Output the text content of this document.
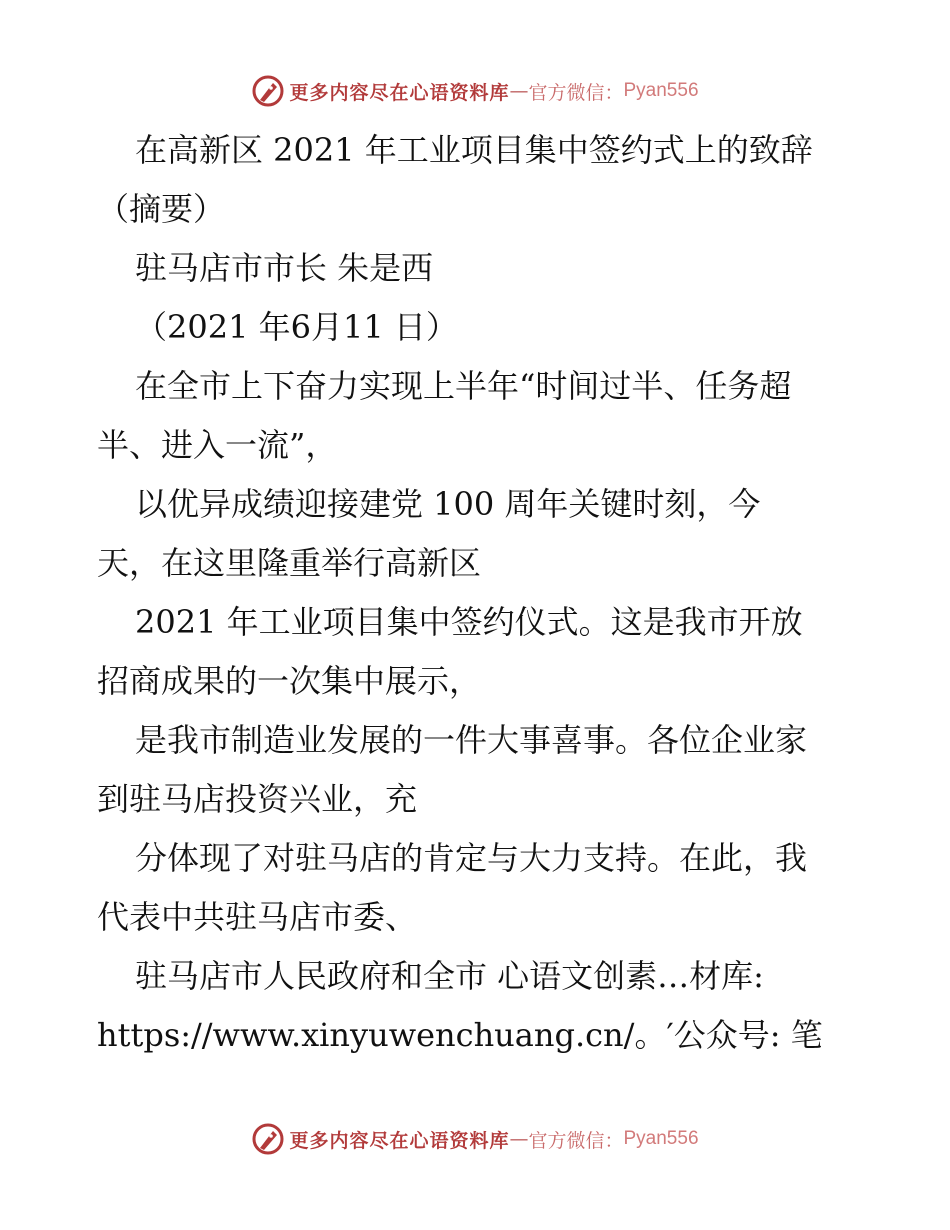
更多内容尽在心语资料库 — 官方微信： Pyan556
在高新区 2021 年工业项目集中签约式上的致辞
（摘要）
驻马店市市长 朱是西
（2021 年6月11 日）
在全市上下奋力实现上半年“时间过半、任务超
半、进入一流”，
以优异成绩迎接建党 100 周年关键时刻，今
天，在这里隆重举行高新区
2021 年工业项目集中签约仪式。这是我市开放
招商成果的一次集中展示，
是我市制造业发展的一件大事喜事。各位企业家
到驻马店投资兴业，充
分体现了对驻马店的肯定与大力支持。在此，我
代表中共驻马店市委、
驻马店市人民政府和全市 心语文创素…材库:
https://www.xinyuwenchuang.cn/。′公众号: 笔
更多内容尽在心语资料库 — 官方微信： Pyan556
